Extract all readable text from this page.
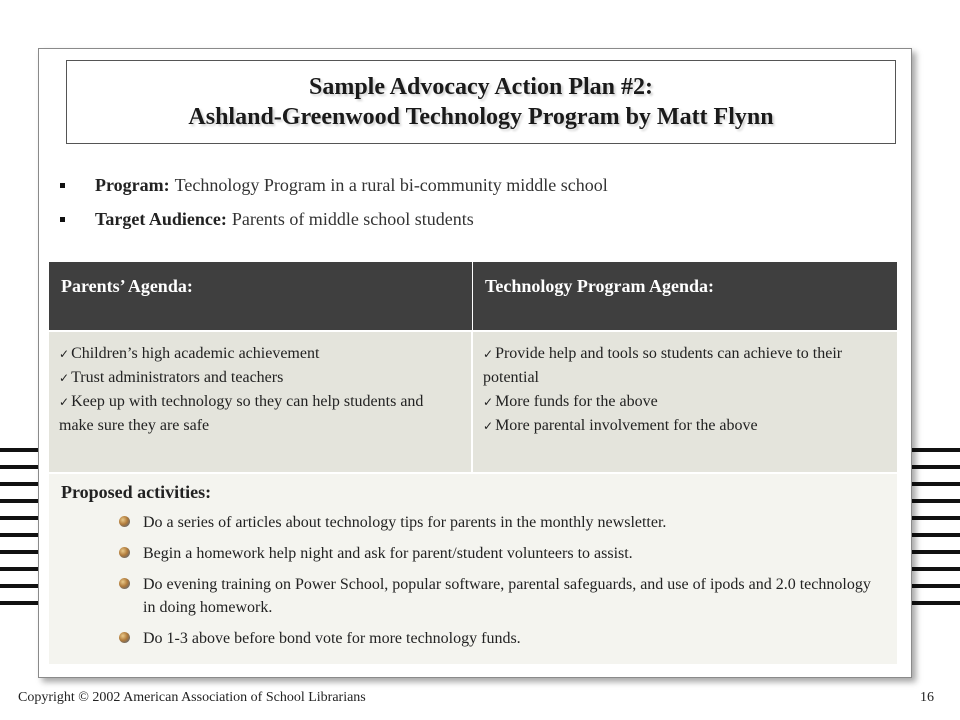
Sample Advocacy Action Plan #2:
Ashland-Greenwood Technology Program by Matt Flynn
Program: Technology Program in a rural bi-community middle school
Target Audience: Parents of middle school students
Parents’ Agenda:	Technology Program Agenda:
✓ Children’s high academic achievement
✓ Trust administrators and teachers
✓ Keep up with technology so they can help students and make sure they are safe
✓ Provide help and tools so students can achieve to their potential
✓ More funds for the above
✓ More parental involvement for the above
Proposed activities:
Do a series of articles about technology tips for parents in the monthly newsletter.
Begin a homework help night and ask for parent/student volunteers to assist.
Do evening training on Power School, popular software, parental safeguards, and use of ipods and 2.0 technology in doing homework.
Do 1-3 above before bond vote for more technology funds.
Copyright © 2002 American Association of School Librarians	16
